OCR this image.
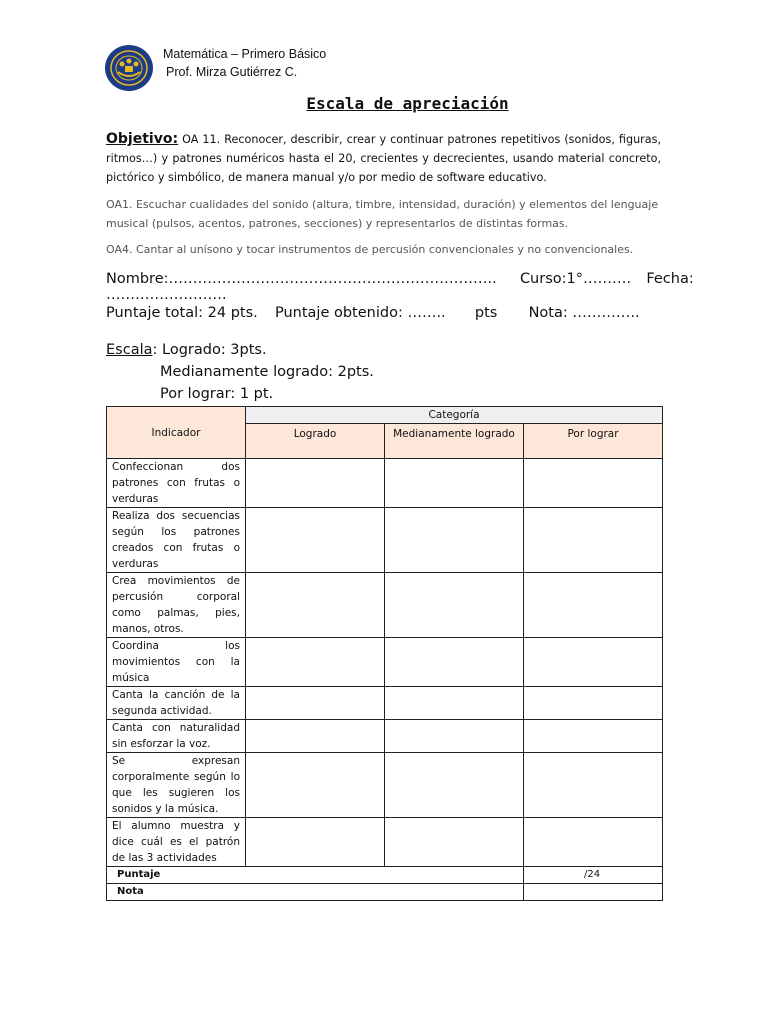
Matemática – Primero Básico
Prof. Mirza Gutiérrez C.
Escala de apreciación
Objetivo: OA 11. Reconocer, describir, crear y continuar patrones repetitivos (sonidos, figuras, ritmos…) y patrones numéricos hasta el 20, crecientes y decrecientes, usando material concreto, pictórico y simbólico, de manera manual y/o por medio de software educativo.
OA1. Escuchar cualidades del sonido (altura, timbre, intensidad, duración) y elementos del lenguaje musical (pulsos, acentos, patrones, secciones) y representarlos de distintas formas.
OA4. Cantar al unísono y tocar instrumentos de percusión convencionales y no convencionales.
Nombre:………………………………………………………….. Curso:1°………. Fecha: …………………….
Puntaje total: 24 pts. Puntaje obtenido: ……..  pts Nota: …………..
Escala: Logrado: 3pts.
Medianamente logrado: 2pts.
Por lograr: 1 pt.
Indicador	Categoría		
	Logrado	Medianamente logrado	Por lograr
Confeccionan dos patrones con frutas o verduras			
Realiza dos secuencias según los patrones creados con frutas o verduras			
Crea movimientos de percusión corporal como palmas, pies, manos, otros.			
Coordina los movimientos con la música			
Canta la canción de la segunda actividad.			
Canta con naturalidad sin esforzar la voz.			
Se expresan corporalmente según lo que les sugieren los sonidos y la música.			
El alumno muestra y dice cuál es el patrón de las 3 actividades			
Puntaje			/24
Nota			
